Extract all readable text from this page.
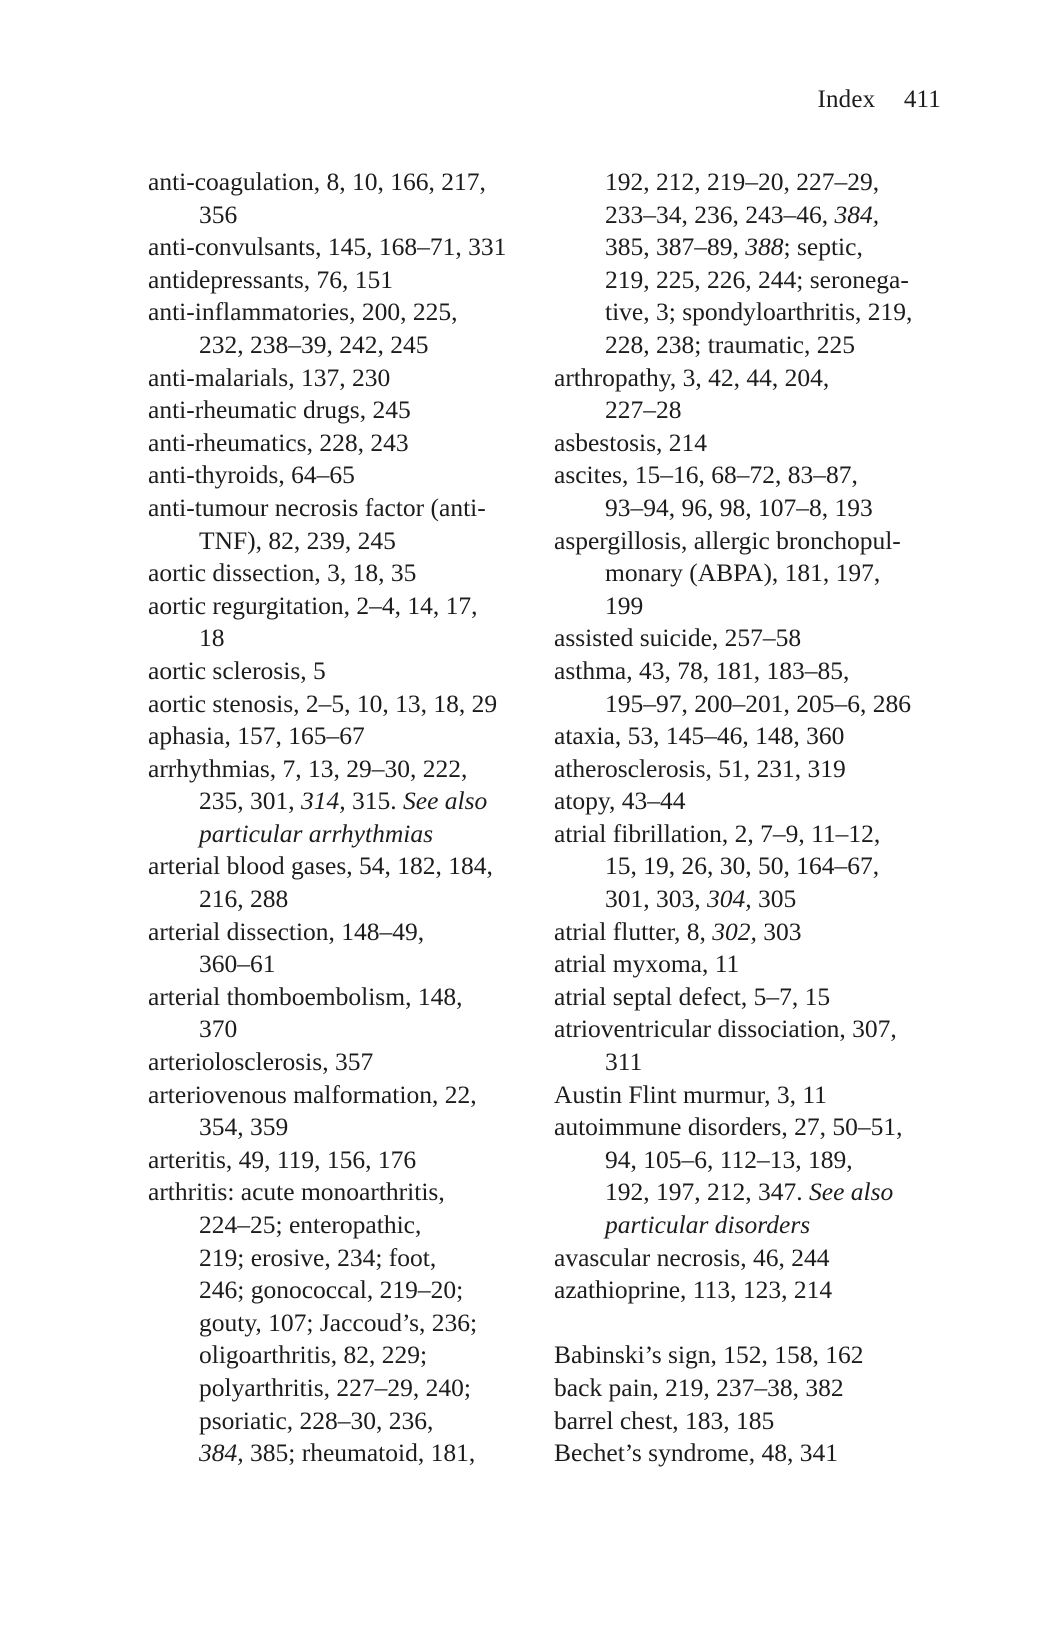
Index 411
anti-coagulation, 8, 10, 166, 217,
356
anti-convulsants, 145, 168–71, 331
antidepressants, 76, 151
anti-inflammatories, 200, 225,
232, 238–39, 242, 245
anti-malarials, 137, 230
anti-rheumatic drugs, 245
anti-rheumatics, 228, 243
anti-thyroids, 64–65
anti-tumour necrosis factor (anti-
TNF), 82, 239, 245
aortic dissection, 3, 18, 35
aortic regurgitation, 2–4, 14, 17,
18
aortic sclerosis, 5
aortic stenosis, 2–5, 10, 13, 18, 29
aphasia, 157, 165–67
arrhythmias, 7, 13, 29–30, 222,
235, 301, 314, 315. See also
particular arrhythmias
arterial blood gases, 54, 182, 184,
216, 288
arterial dissection, 148–49,
360–61
arterial thomboembolism, 148,
370
arteriolosclerosis, 357
arteriovenous malformation, 22,
354, 359
arteritis, 49, 119, 156, 176
arthritis: acute monoarthritis,
224–25; enteropathic,
219; erosive, 234; foot,
246; gonococcal, 219–20;
gouty, 107; Jaccoud’s, 236;
oligoarthritis, 82, 229;
polyarthritis, 227–29, 240;
psoriatic, 228–30, 236,
384, 385; rheumatoid, 181,
192, 212, 219–20, 227–29,
233–34, 236, 243–46, 384,
385, 387–89, 388; septic,
219, 225, 226, 244; seronega-
tive, 3; spondyloarthritis, 219,
228, 238; traumatic, 225
arthropathy, 3, 42, 44, 204,
227–28
asbestosis, 214
ascites, 15–16, 68–72, 83–87,
93–94, 96, 98, 107–8, 193
aspergillosis, allergic bronchopul-
monary (ABPA), 181, 197,
199
assisted suicide, 257–58
asthma, 43, 78, 181, 183–85,
195–97, 200–201, 205–6, 286
ataxia, 53, 145–46, 148, 360
atherosclerosis, 51, 231, 319
atopy, 43–44
atrial fibrillation, 2, 7–9, 11–12,
15, 19, 26, 30, 50, 164–67,
301, 303, 304, 305
atrial flutter, 8, 302, 303
atrial myxoma, 11
atrial septal defect, 5–7, 15
atrioventricular dissociation, 307,
311
Austin Flint murmur, 3, 11
autoimmune disorders, 27, 50–51,
94, 105–6, 112–13, 189,
192, 197, 212, 347. See also
particular disorders
avascular necrosis, 46, 244
azathioprine, 113, 123, 214
Babinski’s sign, 152, 158, 162
back pain, 219, 237–38, 382
barrel chest, 183, 185
Bechet’s syndrome, 48, 341
